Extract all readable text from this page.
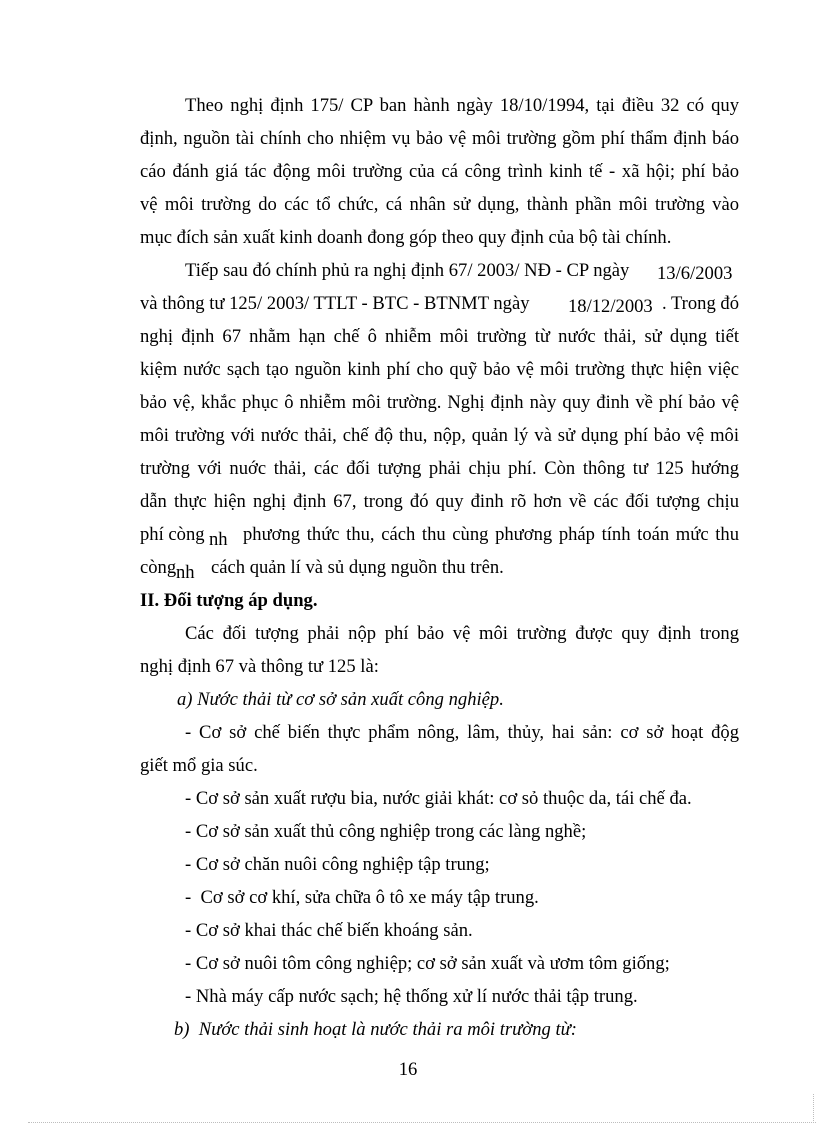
Theo nghị định 175/ CP ban hành ngày 18/10/1994, tại điều 32 có quy
định, nguồn tài chính cho nhiệm vụ bảo vệ môi trường gồm phí thẩm định báo
cáo đánh giá tác động môi trường của cá công trình kinh tế - xã hội; phí bảo
vệ môi trường do các tổ chức, cá nhân sử dụng, thành phần môi trường vào
mục đích sản xuất kinh doanh đong góp theo quy định của bộ tài chính.
Tiếp sau đó chính phủ ra nghị định 67/ 2003/ NĐ - CP ngày	13/6/2003
và thông tư 125/ 2003/ TTLT - BTC - BTNMT ngày	18/12/2003 . Trong đó
nghị định 67 nhằm hạn chế ô nhiễm môi trường từ nước thải, sử dụng tiết
kiệm nước sạch tạo nguồn kinh phí cho quỹ bảo vệ môi trường thực hiện việc
bảo vệ, khắc phục ô nhiễm môi trường. Nghị định này quy đinh về phí bảo vệ
môi trường với nước thải, chế độ thu, nộp, quản lý và sử dụng phí bảo vệ môi
trường với nuớc thải, các đối tượng phải chịu phí. Còn thông tư 125 hướng
dẫn thực hiện nghị định 67, trong đó quy đinh rõ hơn về các đối tượng chịu
phí còng nh phương thức thu, cách thu cùng phương pháp tính toán mức thu
còng nh cách quản lí và sủ dụng nguồn thu trên.
II. Đối tượng áp dụng.
Các đối tượng phải nộp phí bảo vệ môi trường được quy định trong
nghị định 67 và thông tư 125 là:
a) Nước thải từ cơ sở sản xuất công nghiệp.
- Cơ sở chế biến thực phẩm nông, lâm, thủy, hai sản: cơ sở hoạt độg
giết mổ gia súc.
- Cơ sở sản xuất rượu bia, nước giải khát: cơ sỏ thuộc da, tái chế đa.
- Cơ sở sản xuất thủ công nghiệp trong các làng nghề;
- Cơ sở chăn nuôi công nghiệp tập trung;
-  Cơ sở cơ khí, sửa chữa ô tô xe máy tập trung.
- Cơ sở khai thác chế biến khoáng sản.
- Cơ sở nuôi tôm công nghiệp; cơ sở sản xuất và ươm tôm giống;
- Nhà máy cấp nước sạch; hệ thống xử lí nước thải tập trung.
b)  Nước thải sinh hoạt là nước thải ra môi trường từ:
16
